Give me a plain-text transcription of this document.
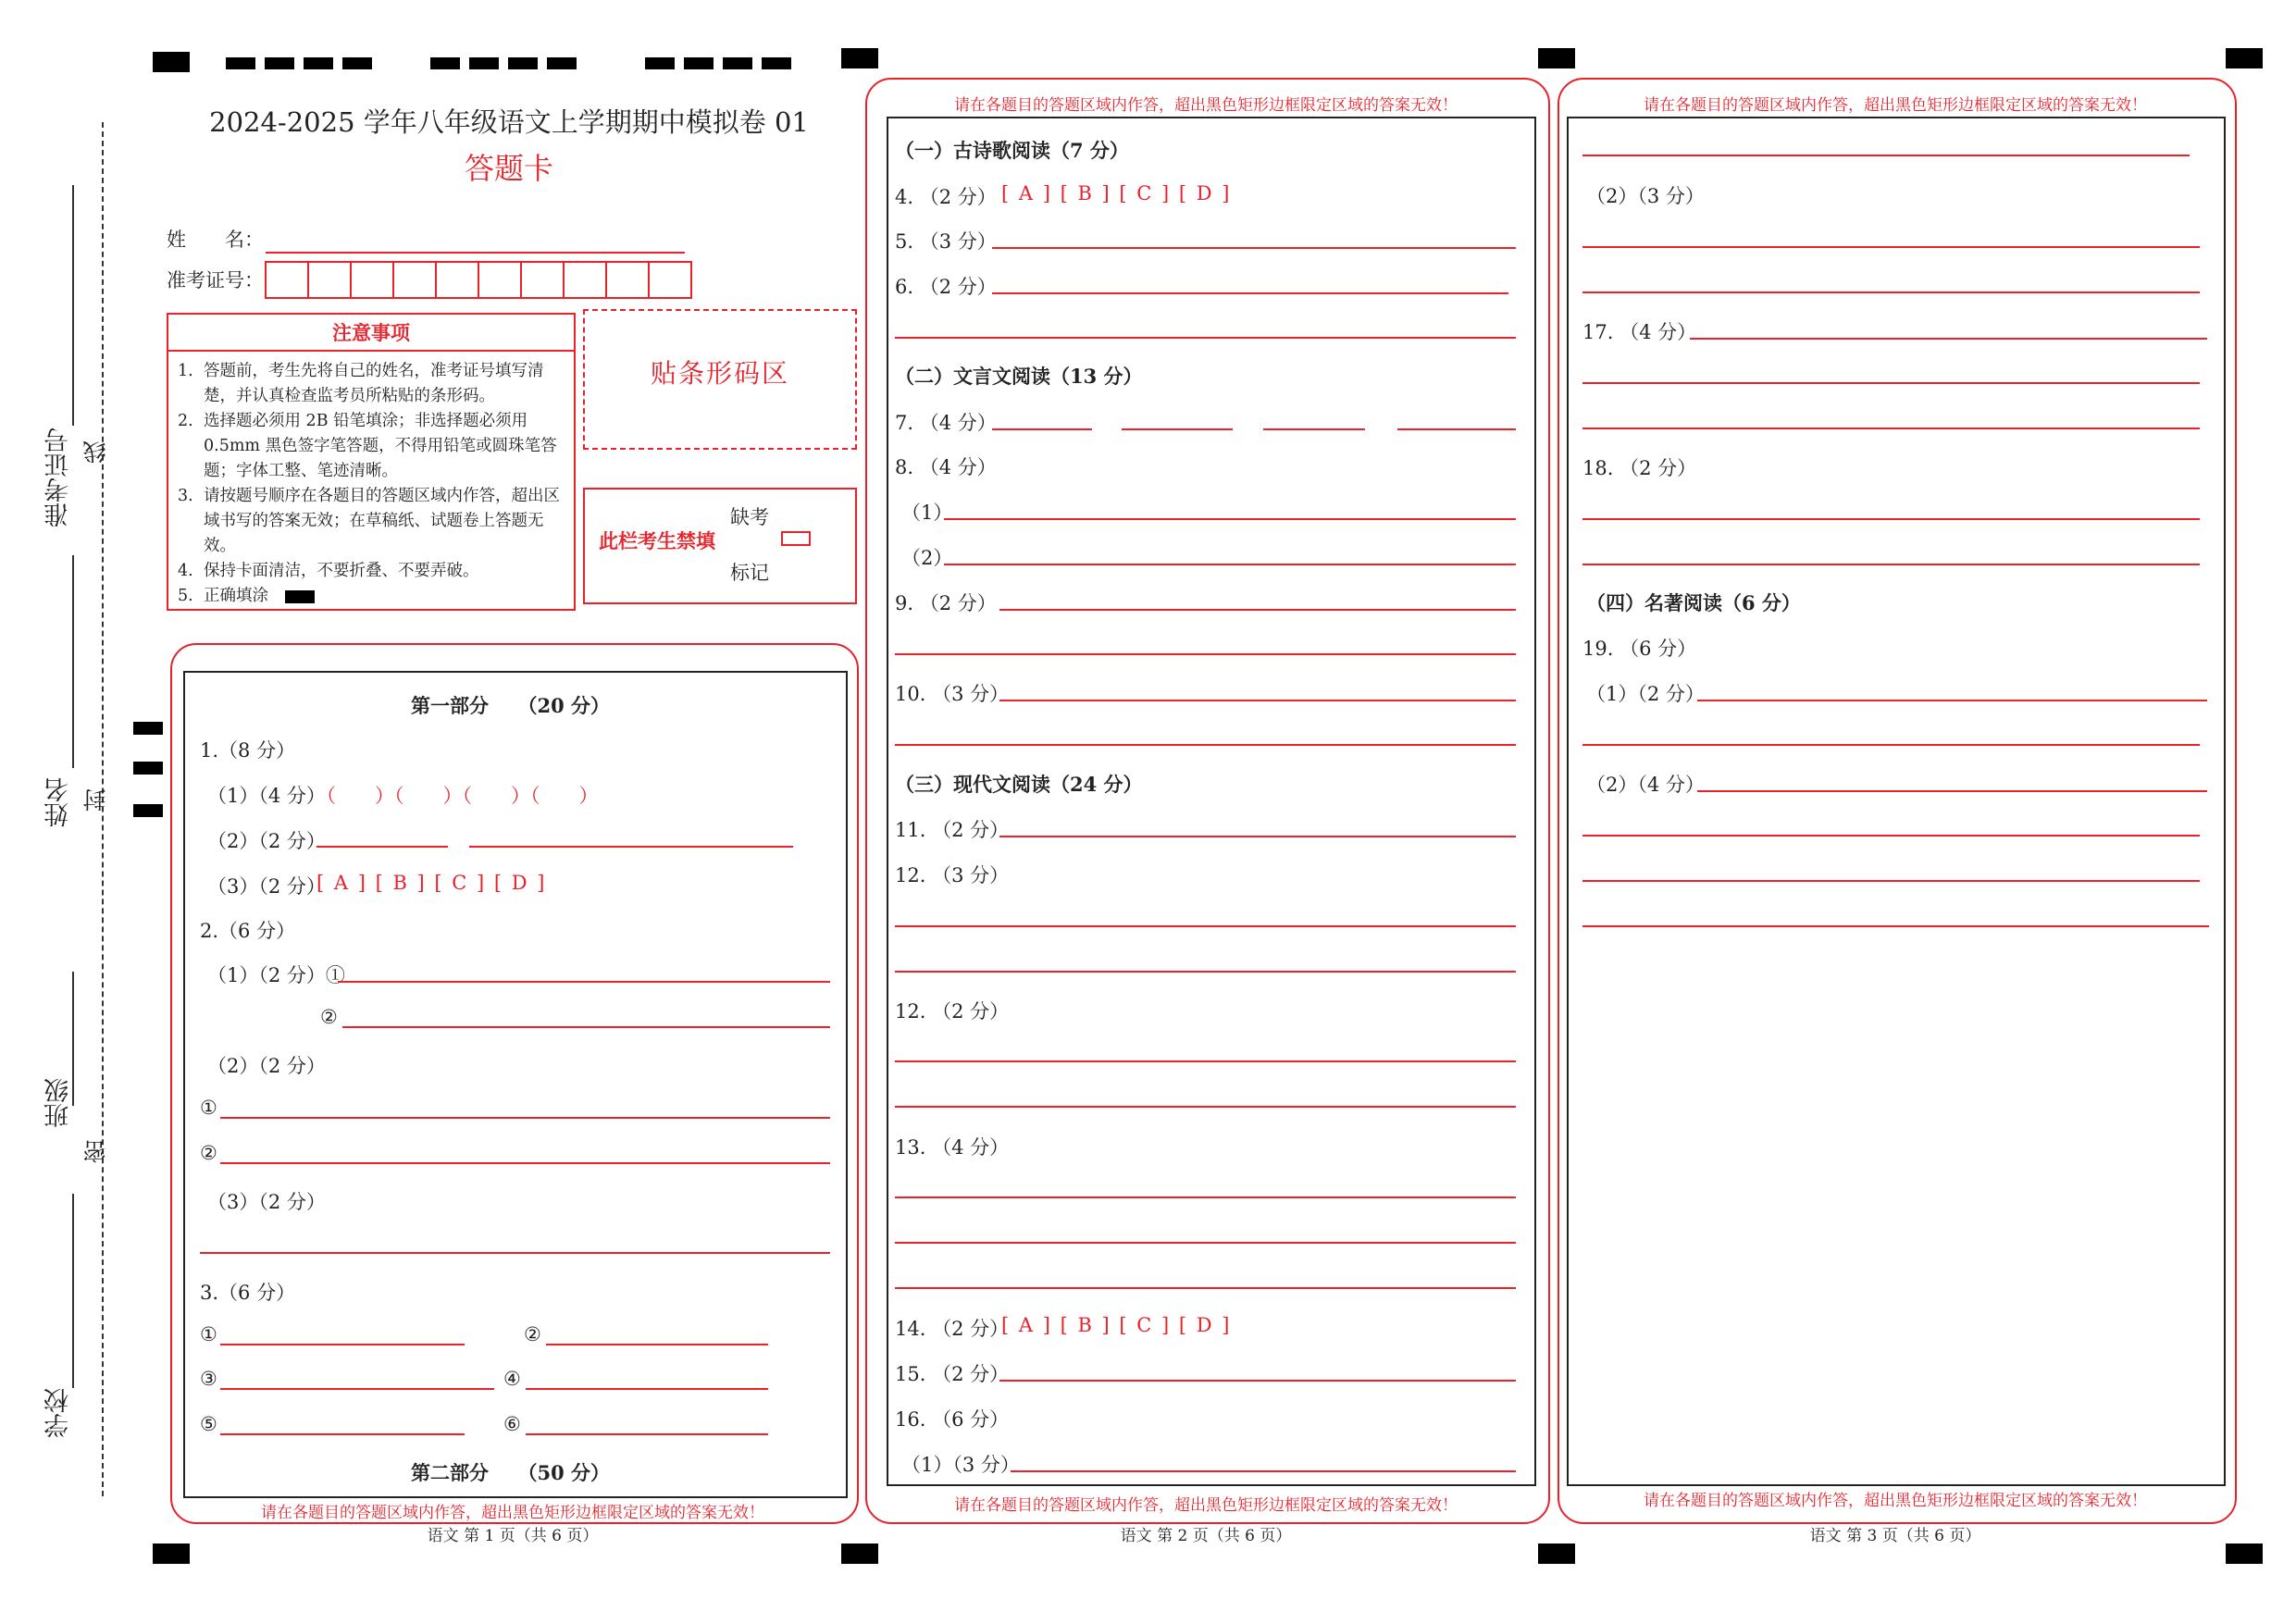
学校
班级
姓名
准考证号
密
封
线
2024-2025 学年八年级语文上学期期中模拟卷 01
答题卡
姓　　名：
准考证号：
注意事项
1. 答题前，考生先将自己的姓名，准考证号填写清楚，并认真检查监考员所粘贴的条形码。
2. 选择题必须用 2B 铅笔填涂；非选择题必须用 0.5mm 黑色签字笔答题，不得用铅笔或圆珠笔答题；字体工整、笔迹清晰。
3. 请按题号顺序在各题目的答题区域内作答，超出区域书写的答案无效；在草稿纸、试题卷上答题无效。
4. 保持卡面清洁，不要折叠、不要弄破。
5. 正确填涂
贴条形码区
此栏考生禁填
缺考
标记
请在各题目的答题区域内作答，超出黑色矩形边框限定区域的答案无效！
语文 第 1 页（共 6 页）
第一部分　　（20 分）
1.（8 分）
（1）（4 分）
（　　）（　　）（　　）（　　）
（2）（2 分）
（3）（2 分）
[ A ] [ B ] [ C ] [ D ]
2.（6 分）
（1）（2 分）①
②
（2）（2 分）
①
②
（3）（2 分）
3.（6 分）
①	②
③	④
⑤	⑥
第二部分　　（50 分）
请在各题目的答题区域内作答，超出黑色矩形边框限定区域的答案无效！
请在各题目的答题区域内作答，超出黑色矩形边框限定区域的答案无效！
语文 第 2 页（共 6 页）
（一）古诗歌阅读（7 分）
4. （2 分） [ A ] [ B ] [ C ] [ D ]
5. （3 分）
6. （2 分）
（二）文言文阅读（13 分）
7. （4 分）
8. （4 分）
（1）
（2）
9. （2 分）
10. （3 分）
（三）现代文阅读（24 分）
11. （2 分）
12. （3 分）
12. （2 分）
13. （4 分）
14. （2 分）
[ A ] [ B ] [ C ] [ D ]
15. （2 分）
16. （6 分）
（1）（3 分）
请在各题目的答题区域内作答，超出黑色矩形边框限定区域的答案无效！
请在各题目的答题区域内作答，超出黑色矩形边框限定区域的答案无效！
语文 第 3 页（共 6 页）
（2）（3 分）
17. （4 分）
18. （2 分）
（四）名著阅读（6 分）
19. （6 分）
（1）（2 分）
（2）（4 分）
